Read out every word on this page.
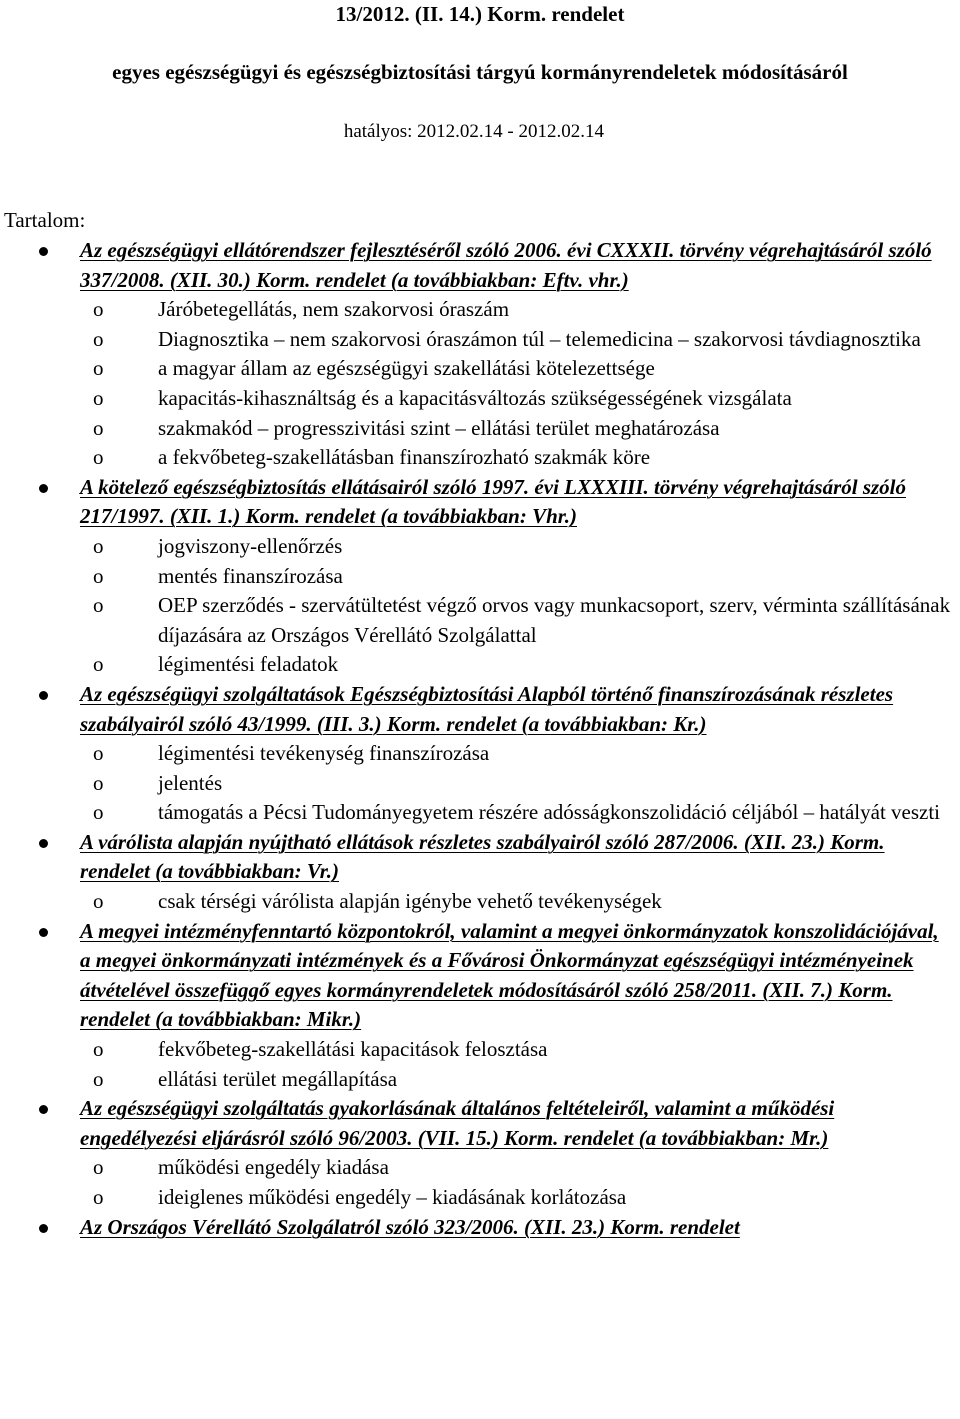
13/2012. (II. 14.) Korm. rendelet
egyes egészségügyi és egészségbiztosítási tárgyú kormányrendeletek módosításáról
hatályos: 2012.02.14 - 2012.02.14
Tartalom:
Az egészségügyi ellátórendszer fejlesztéséről szóló 2006. évi CXXXII. törvény végrehajtásáról szóló 337/2008. (XII. 30.) Korm. rendelet (a továbbiakban: Eftv. vhr.)
o	Járóbetegellátás, nem szakorvosi óraszám
o	Diagnosztika – nem szakorvosi óraszámon túl – telemedicina – szakorvosi távdiagnosztika
o	a magyar állam az egészségügyi szakellátási kötelezettsége
o	kapacitás-kihasználtság és a kapacitásváltozás szükségességének vizsgálata
o	szakmakód – progresszivitási szint – ellátási terület meghatározása
o	a fekvőbeteg-szakellátásban finanszírozható szakmák köre
A kötelező egészségbiztosítás ellátásairól szóló 1997. évi LXXXIII. törvény végrehajtásáról szóló 217/1997. (XII. 1.) Korm. rendelet (a továbbiakban: Vhr.)
o	jogviszony-ellenőrzés
o	mentés finanszírozása
o	OEP szerződés - szervátültetést végző orvos vagy munkacsoport, szerv, vérminta szállításának díjazására az Országos Vérellátó Szolgálattal
o	légimentési feladatok
Az egészségügyi szolgáltatások Egészségbiztosítási Alapból történő finanszírozásának részletes szabályairól szóló 43/1999. (III. 3.) Korm. rendelet (a továbbiakban: Kr.)
o	légimentési tevékenység finanszírozása
o	jelentés
o	támogatás a Pécsi Tudományegyetem részére adósságkonszolidáció céljából – hatályát veszti
A várólista alapján nyújtható ellátások részletes szabályairól szóló 287/2006. (XII. 23.) Korm. rendelet (a továbbiakban: Vr.)
o	csak térségi várólista alapján igénybe vehető tevékenységek
A megyei intézményfenntartó központokról, valamint a megyei önkormányzatok konszolidációjával, a megyei önkormányzati intézmények és a Fővárosi Önkormányzat egészségügyi intézményeinek átvételével összefüggő egyes kormányrendeletek módosításáról szóló 258/2011. (XII. 7.) Korm. rendelet (a továbbiakban: Mikr.)
o	fekvőbeteg-szakellátási kapacitások felosztása
o	ellátási terület megállapítása
Az egészségügyi szolgáltatás gyakorlásának általános feltételeiről, valamint a működési engedélyezési eljárásról szóló 96/2003. (VII. 15.) Korm. rendelet (a továbbiakban: Mr.)
o	működési engedély kiadása
o	ideiglenes működési engedély – kiadásának korlátozása
Az Országos Vérellátó Szolgálatról szóló 323/2006. (XII. 23.) Korm. rendelet
